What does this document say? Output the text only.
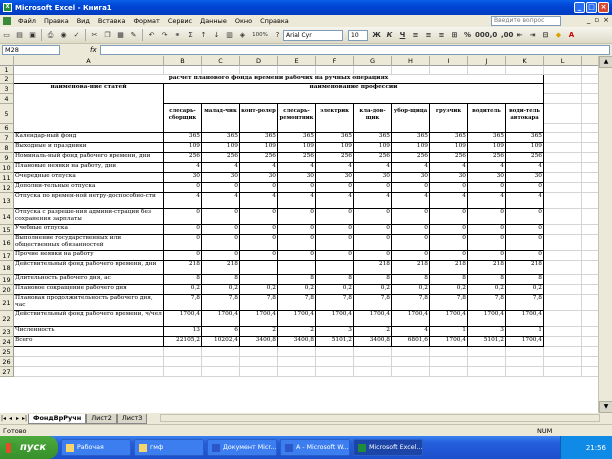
X Microsoft Excel - Книга1	_ □ ×
Файл	Правка	Вид	Вставка	Формат	Сервис	Данные	Окно	Справка	Введите вопрос	_ ▫ ×
▭ ▤ ▣	⎙	◉	✓	✂ ❐ ▦ ✎	↶	↷	⚭	Σ	↑	↓ ▥ ◈	100%	?	Arial Cyr	10	Ж К	Ч	≡	≡	≡	⊞ % 000 ,0 ,00 ⇤	⇥	⊟	◆	A
M28	fx
A	B	C	D	E	F	G	H	I	J	K	L
1
2
3
4
5
6
7
8
9
10
11
12
13
14
15
16
17
18
19
20
21
22
23
24
25
26
27
расчет планового фонда времени рабочих на ручных операциях
наименова-ние статей	наименование профессии
слесарь-сборщик
малад-чик конт-ролер	слесарь-ремонтник
электрик	кла-дов-щик
убор-щица	грузчик	водитель	води-тель автокара
Календар-ный фонд	365	365	365	365	365	365	365	365	365	365
Выходные и праздники	109	109	109	109	109	109	109	109	109	109
Номиналь-ный фонд рабочего времени, дни	256	256	256	256	256	256	256	256	256	256
Плановые неявки на работу, дни	4	4	4	4	4	4	4	4	4	4
Очередные отпуска	30	30	30	30	30	30	30	30	30	30
Дополни-тельные отпуска	0	0	0	0	0	0	0	0	0	0
Отпуска по времен-ной нетру-доспособно-сти	4	4	4	4	4	4	4	4	4	4
Отпуска с разреше-ния админи-страции без сохранения зарплаты
0	0	0	0	0	0	0	0	0	0
Учебные отпуска	0	0	0	0	0	0	0	0	0	0
Выполнение государственных или общественных обязанностей
0	0	0	0	0	0	0	0	0	0
Прочие неявки на работу	0	0	0	0	0	0	0	0	0	0
Действительный фонд рабочего времени, дни	218	218	218	218	218	218	218
Длительность рабочего дня, ас	8	8	8	8	8	8	8	8	8
Плановое сокращение рабочего дня	0,2	0,2	0,2	0,2	0,2	0,2	0,2	0,2	0,2	0,2
Плановая продолжительность рабочего дня, час
7,8	7,8	7,8	7,8	7,8	7,8	7,8	7,8	7,8	7,8
Действительный фонд рабочего времени, ч/чел	1700,4	1700,4	1700,4	1700,4	1700,4	1700,4	1700,4	1700,4	1700,4	1700,4
Численность	13	6	2	2	3	2	4	1	3	1
Всего	22105,2	10202,4	3400,8	3400,8	5101,2	3400,8	6801,6	1700,4	5101,2	1700,4
▲
▼
|◂ ◂ ▸ ▸| ФондВрРучн	Лист2	Лист3
Готово	NUM
пуск	Рабочая	гмф	Документ Micr...	A - Microsoft W...	Microsoft Excel...	21:56
